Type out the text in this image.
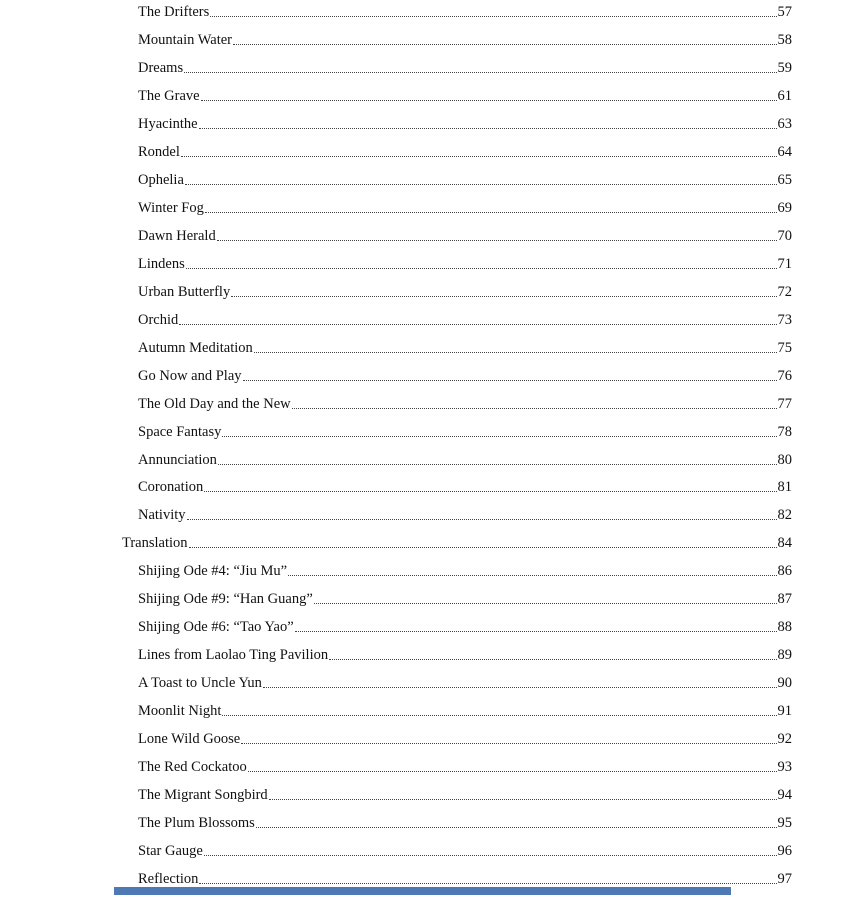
The Drifters	57
Mountain Water	58
Dreams	59
The Grave	61
Hyacinthe	63
Rondel	64
Ophelia	65
Winter Fog	69
Dawn Herald	70
Lindens	71
Urban Butterfly	72
Orchid	73
Autumn Meditation	75
Go Now and Play	76
The Old Day and the New	77
Space Fantasy	78
Annunciation	80
Coronation	81
Nativity	82
Translation	84
Shijing Ode #4: “Jiu Mu”	86
Shijing Ode #9: “Han Guang”	87
Shijing Ode #6: “Tao Yao”	88
Lines from Laolao Ting Pavilion	89
A Toast to Uncle Yun	90
Moonlit Night	91
Lone Wild Goose	92
The Red Cockatoo	93
The Migrant Songbird	94
The Plum Blossoms	95
Star Gauge	96
Reflection	97
